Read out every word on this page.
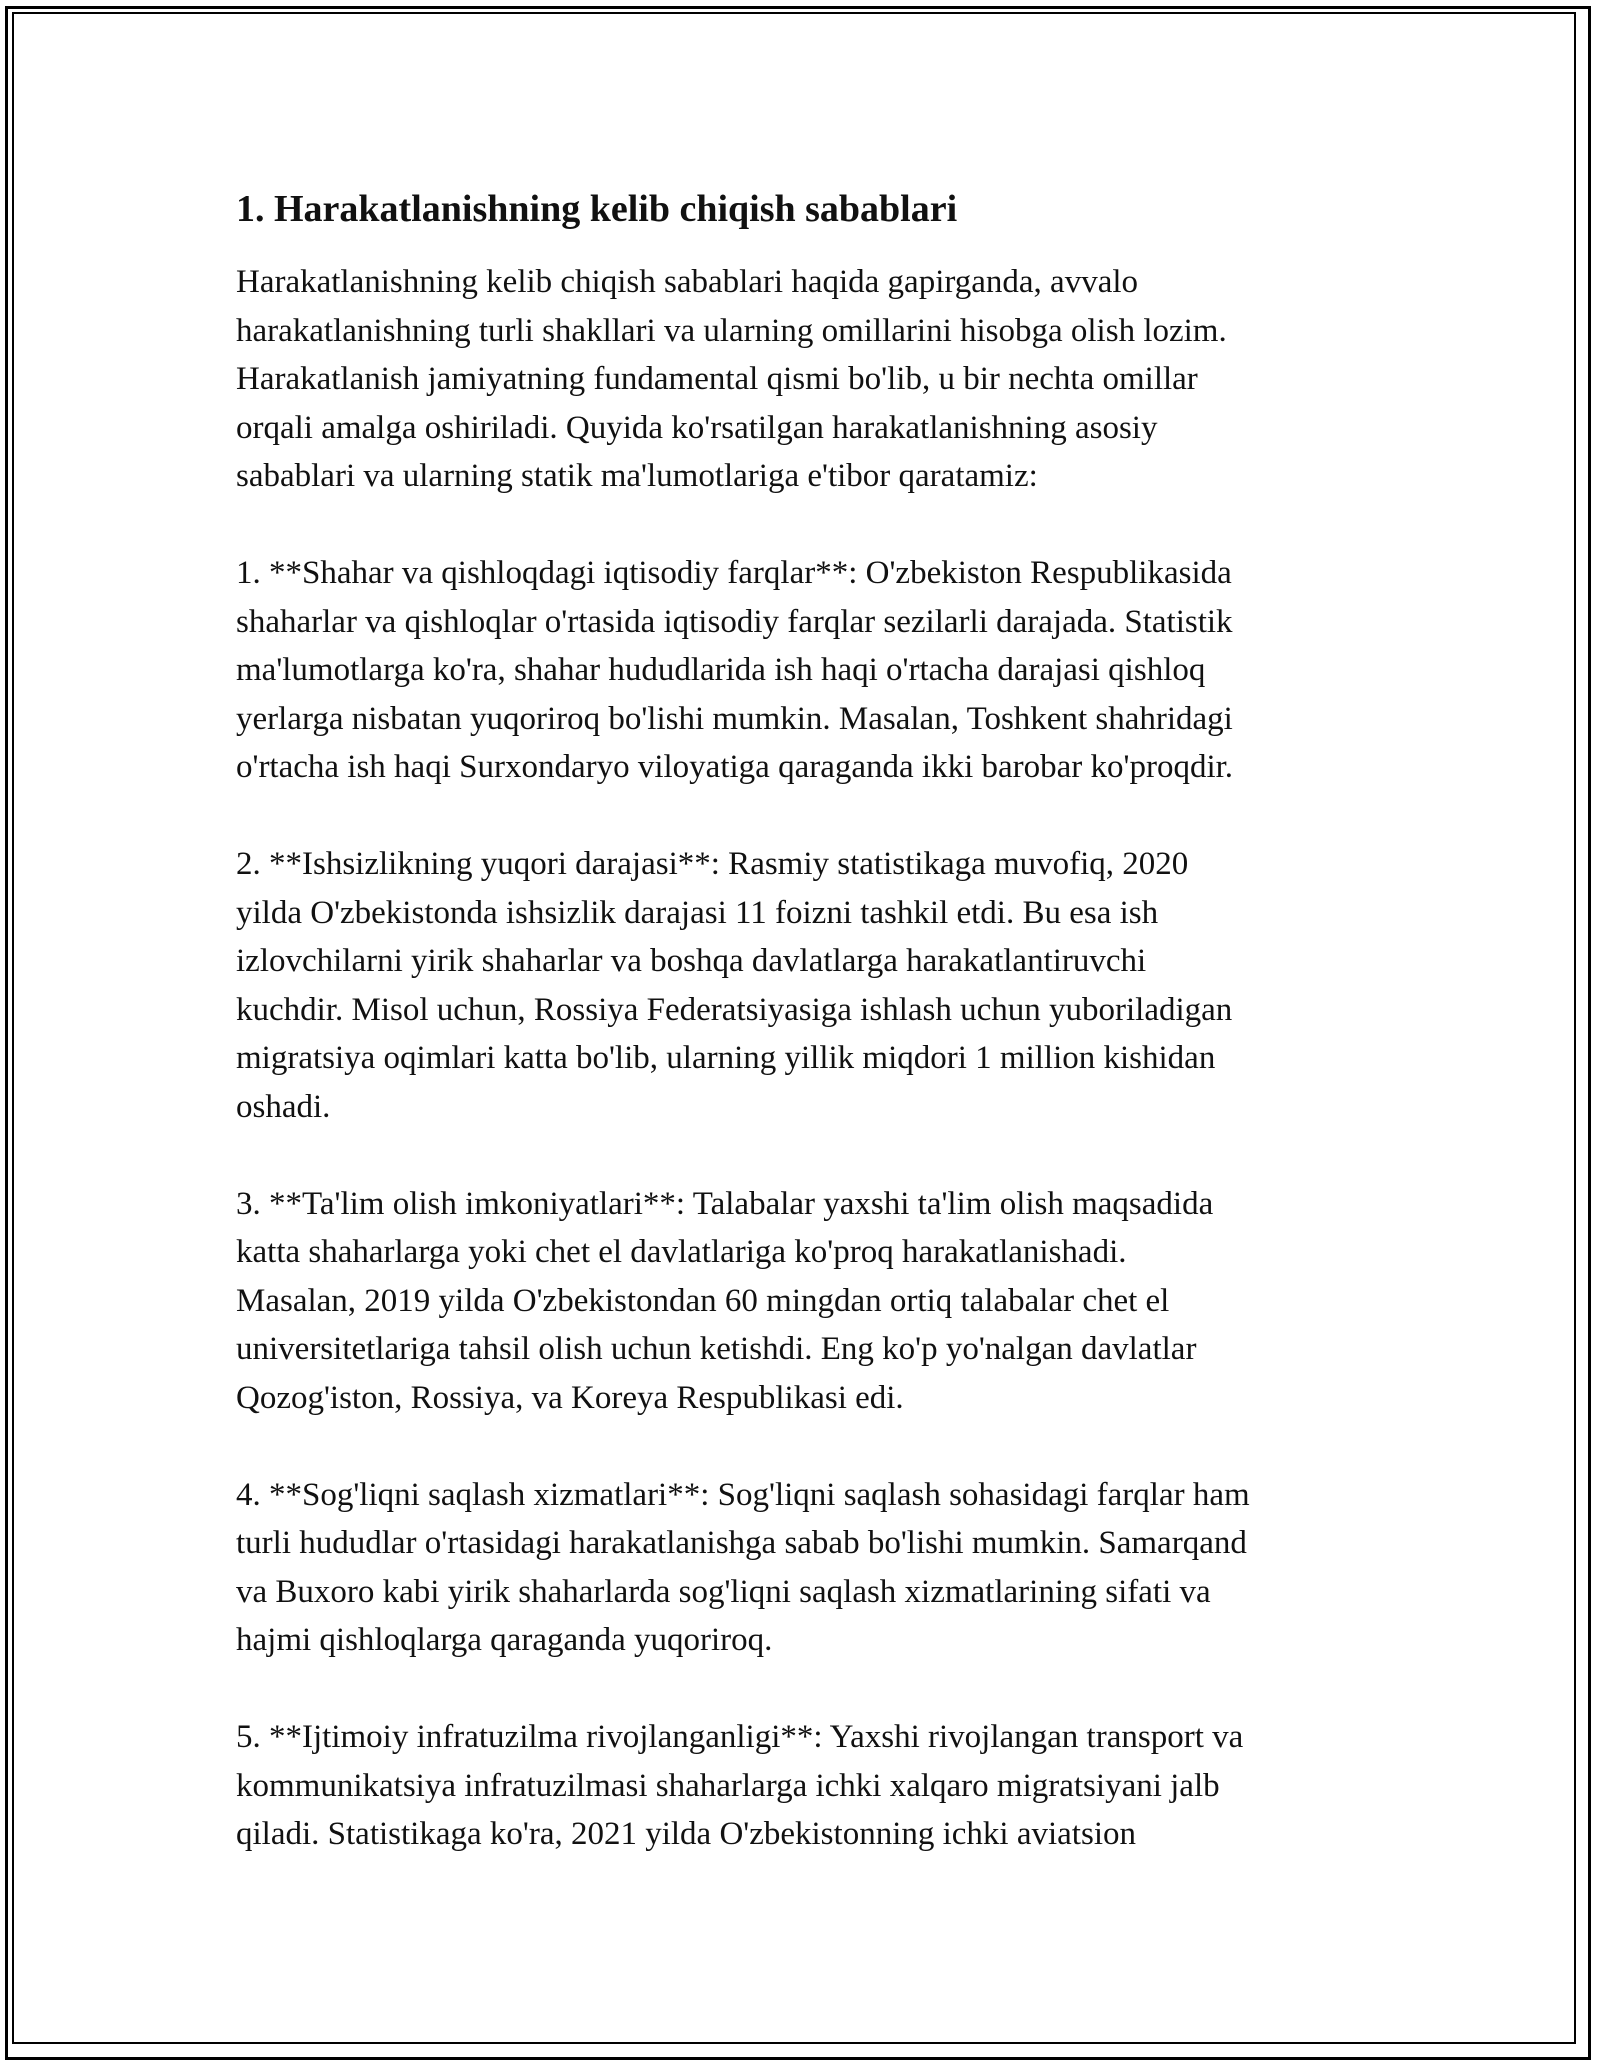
1. Harakatlanishning kelib chiqish sabablari

Harakatlanishning kelib chiqish sabablari haqida gapirganda, avvalo
harakatlanishning turli shakllari va ularning omillarini hisobga olish lozim.
Harakatlanish jamiyatning fundamental qismi bo'lib, u bir nechta omillar
orqali amalga oshiriladi. Quyida ko'rsatilgan harakatlanishning asosiy
sabablari va ularning statik ma'lumotlariga e'tibor qaratamiz:

1. **Shahar va qishloqdagi iqtisodiy farqlar**: O'zbekiston Respublikasida
shaharlar va qishloqlar o'rtasida iqtisodiy farqlar sezilarli darajada. Statistik
ma'lumotlarga ko'ra, shahar hududlarida ish haqi o'rtacha darajasi qishloq
yerlarga nisbatan yuqoriroq bo'lishi mumkin. Masalan, Toshkent shahridagi
o'rtacha ish haqi Surxondaryo viloyatiga qaraganda ikki barobar ko'proqdir.

2. **Ishsizlikning yuqori darajasi**: Rasmiy statistikaga muvofiq, 2020
yilda O'zbekistonda ishsizlik darajasi 11 foizni tashkil etdi. Bu esa ish
izlovchilarni yirik shaharlar va boshqa davlatlarga harakatlantiruvchi
kuchdir. Misol uchun, Rossiya Federatsiyasiga ishlash uchun yuboriladigan
migratsiya oqimlari katta bo'lib, ularning yillik miqdori 1 million kishidan
oshadi.

3. **Ta'lim olish imkoniyatlari**: Talabalar yaxshi ta'lim olish maqsadida
katta shaharlarga yoki chet el davlatlariga ko'proq harakatlanishadi.
Masalan, 2019 yilda O'zbekistondan 60 mingdan ortiq talabalar chet el
universitetlariga tahsil olish uchun ketishdi. Eng ko'p yo'nalgan davlatlar
Qozog'iston, Rossiya, va Koreya Respublikasi edi.

4. **Sog'liqni saqlash xizmatlari**: Sog'liqni saqlash sohasidagi farqlar ham
turli hududlar o'rtasidagi harakatlanishga sabab bo'lishi mumkin. Samarqand
va Buxoro kabi yirik shaharlarda sog'liqni saqlash xizmatlarining sifati va
hajmi qishloqlarga qaraganda yuqoriroq.

5. **Ijtimoiy infratuzilma rivojlanganligi**: Yaxshi rivojlangan transport va
kommunikatsiya infratuzilmasi shaharlarga ichki xalqaro migratsiyani jalb
qiladi. Statistikaga ko'ra, 2021 yilda O'zbekistonning ichki aviatsion
